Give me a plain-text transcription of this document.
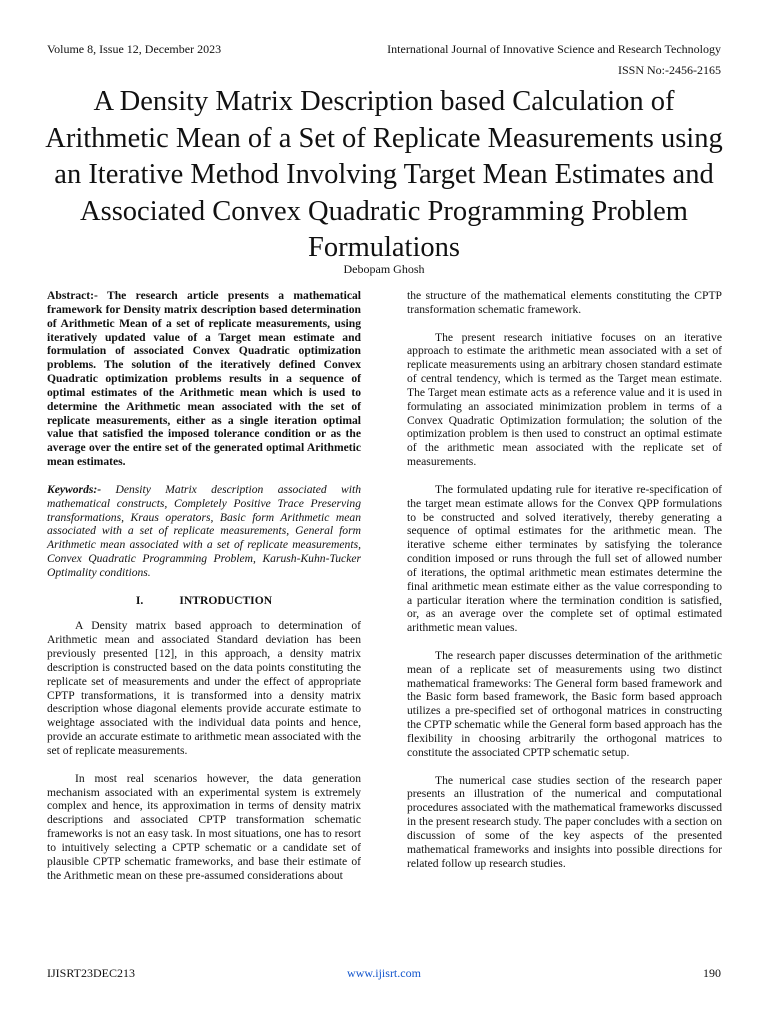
Volume 8, Issue 12, December 2023	International Journal of Innovative Science and Research Technology
ISSN No:-2456-2165
A Density Matrix Description based Calculation of Arithmetic Mean of a Set of Replicate Measurements using an Iterative Method Involving Target Mean Estimates and Associated Convex Quadratic Programming Problem Formulations
Debopam Ghosh

Abstract:- The research article presents a mathematical framework for Density matrix description based determination of Arithmetic Mean of a set of replicate measurements, using iteratively updated value of a Target mean estimate and formulation of associated Convex Quadratic optimization problems. The solution of the iteratively defined Convex Quadratic optimization problems results in a sequence of optimal estimates of the Arithmetic mean which is used to determine the Arithmetic mean associated with the set of replicate measurements, either as a single iteration optimal value that satisfied the imposed tolerance condition or as the average over the entire set of the generated optimal Arithmetic mean estimates.

Keywords:- Density Matrix description associated with mathematical constructs, Completely Positive Trace Preserving transformations, Kraus operators, Basic form Arithmetic mean associated with a set of replicate measurements, General form Arithmetic mean associated with a set of replicate measurements, Convex Quadratic Programming Problem, Karush-Kuhn-Tucker Optimality conditions.

I.	INTRODUCTION

A Density matrix based approach to determination of Arithmetic mean and associated Standard deviation has been previously presented [12], in this approach, a density matrix description is constructed based on the data points constituting the replicate set of measurements and under the effect of appropriate CPTP transformations, it is transformed into a density matrix description whose diagonal elements provide accurate estimate to weightage associated with the individual data points and hence, provide an accurate estimate to arithmetic mean associated with the set of replicate measurements.

In most real scenarios however, the data generation mechanism associated with an experimental system is extremely complex and hence, its approximation in terms of density matrix descriptions and associated CPTP transformation schematic frameworks is not an easy task. In most situations, one has to resort to intuitively selecting a CPTP schematic or a candidate set of plausible CPTP schematic frameworks, and base their estimate of the Arithmetic mean on these pre-assumed considerations about

the structure of the mathematical elements constituting the CPTP transformation schematic framework.

The present research initiative focuses on an iterative approach to estimate the arithmetic mean associated with a set of replicate measurements using an arbitrary chosen standard estimate of central tendency, which is termed as the Target mean estimate. The Target mean estimate acts as a reference value and it is used in formulating an associated minimization problem in terms of a Convex Quadratic Optimization formulation; the solution of the optimization problem is then used to construct an optimal estimate of the arithmetic mean associated with the replicate set of measurements.

The formulated updating rule for iterative re-specification of the target mean estimate allows for the Convex QPP formulations to be constructed and solved iteratively, thereby generating a sequence of optimal estimates for the arithmetic mean. The iterative scheme either terminates by satisfying the tolerance condition imposed or runs through the full set of allowed number of iterations, the optimal arithmetic mean estimates determine the final arithmetic mean estimate either as the value corresponding to a particular iteration where the termination condition is satisfied, or, as an average over the complete set of optimal estimated arithmetic mean values.

The research paper discusses determination of the arithmetic mean of a replicate set of measurements using two distinct mathematical frameworks: The General form based framework and the Basic form based framework, the Basic form based approach utilizes a pre-specified set of orthogonal matrices in constructing the CPTP schematic while the General form based approach has the flexibility in choosing arbitrarily the orthogonal matrices to constitute the associated CPTP schematic setup.

The numerical case studies section of the research paper presents an illustration of the numerical and computational procedures associated with the mathematical frameworks discussed in the present research study. The paper concludes with a section on discussion of some of the key aspects of the presented mathematical frameworks and insights into possible directions for related follow up research studies.

IJISRT23DEC213	www.ijisrt.com	190
